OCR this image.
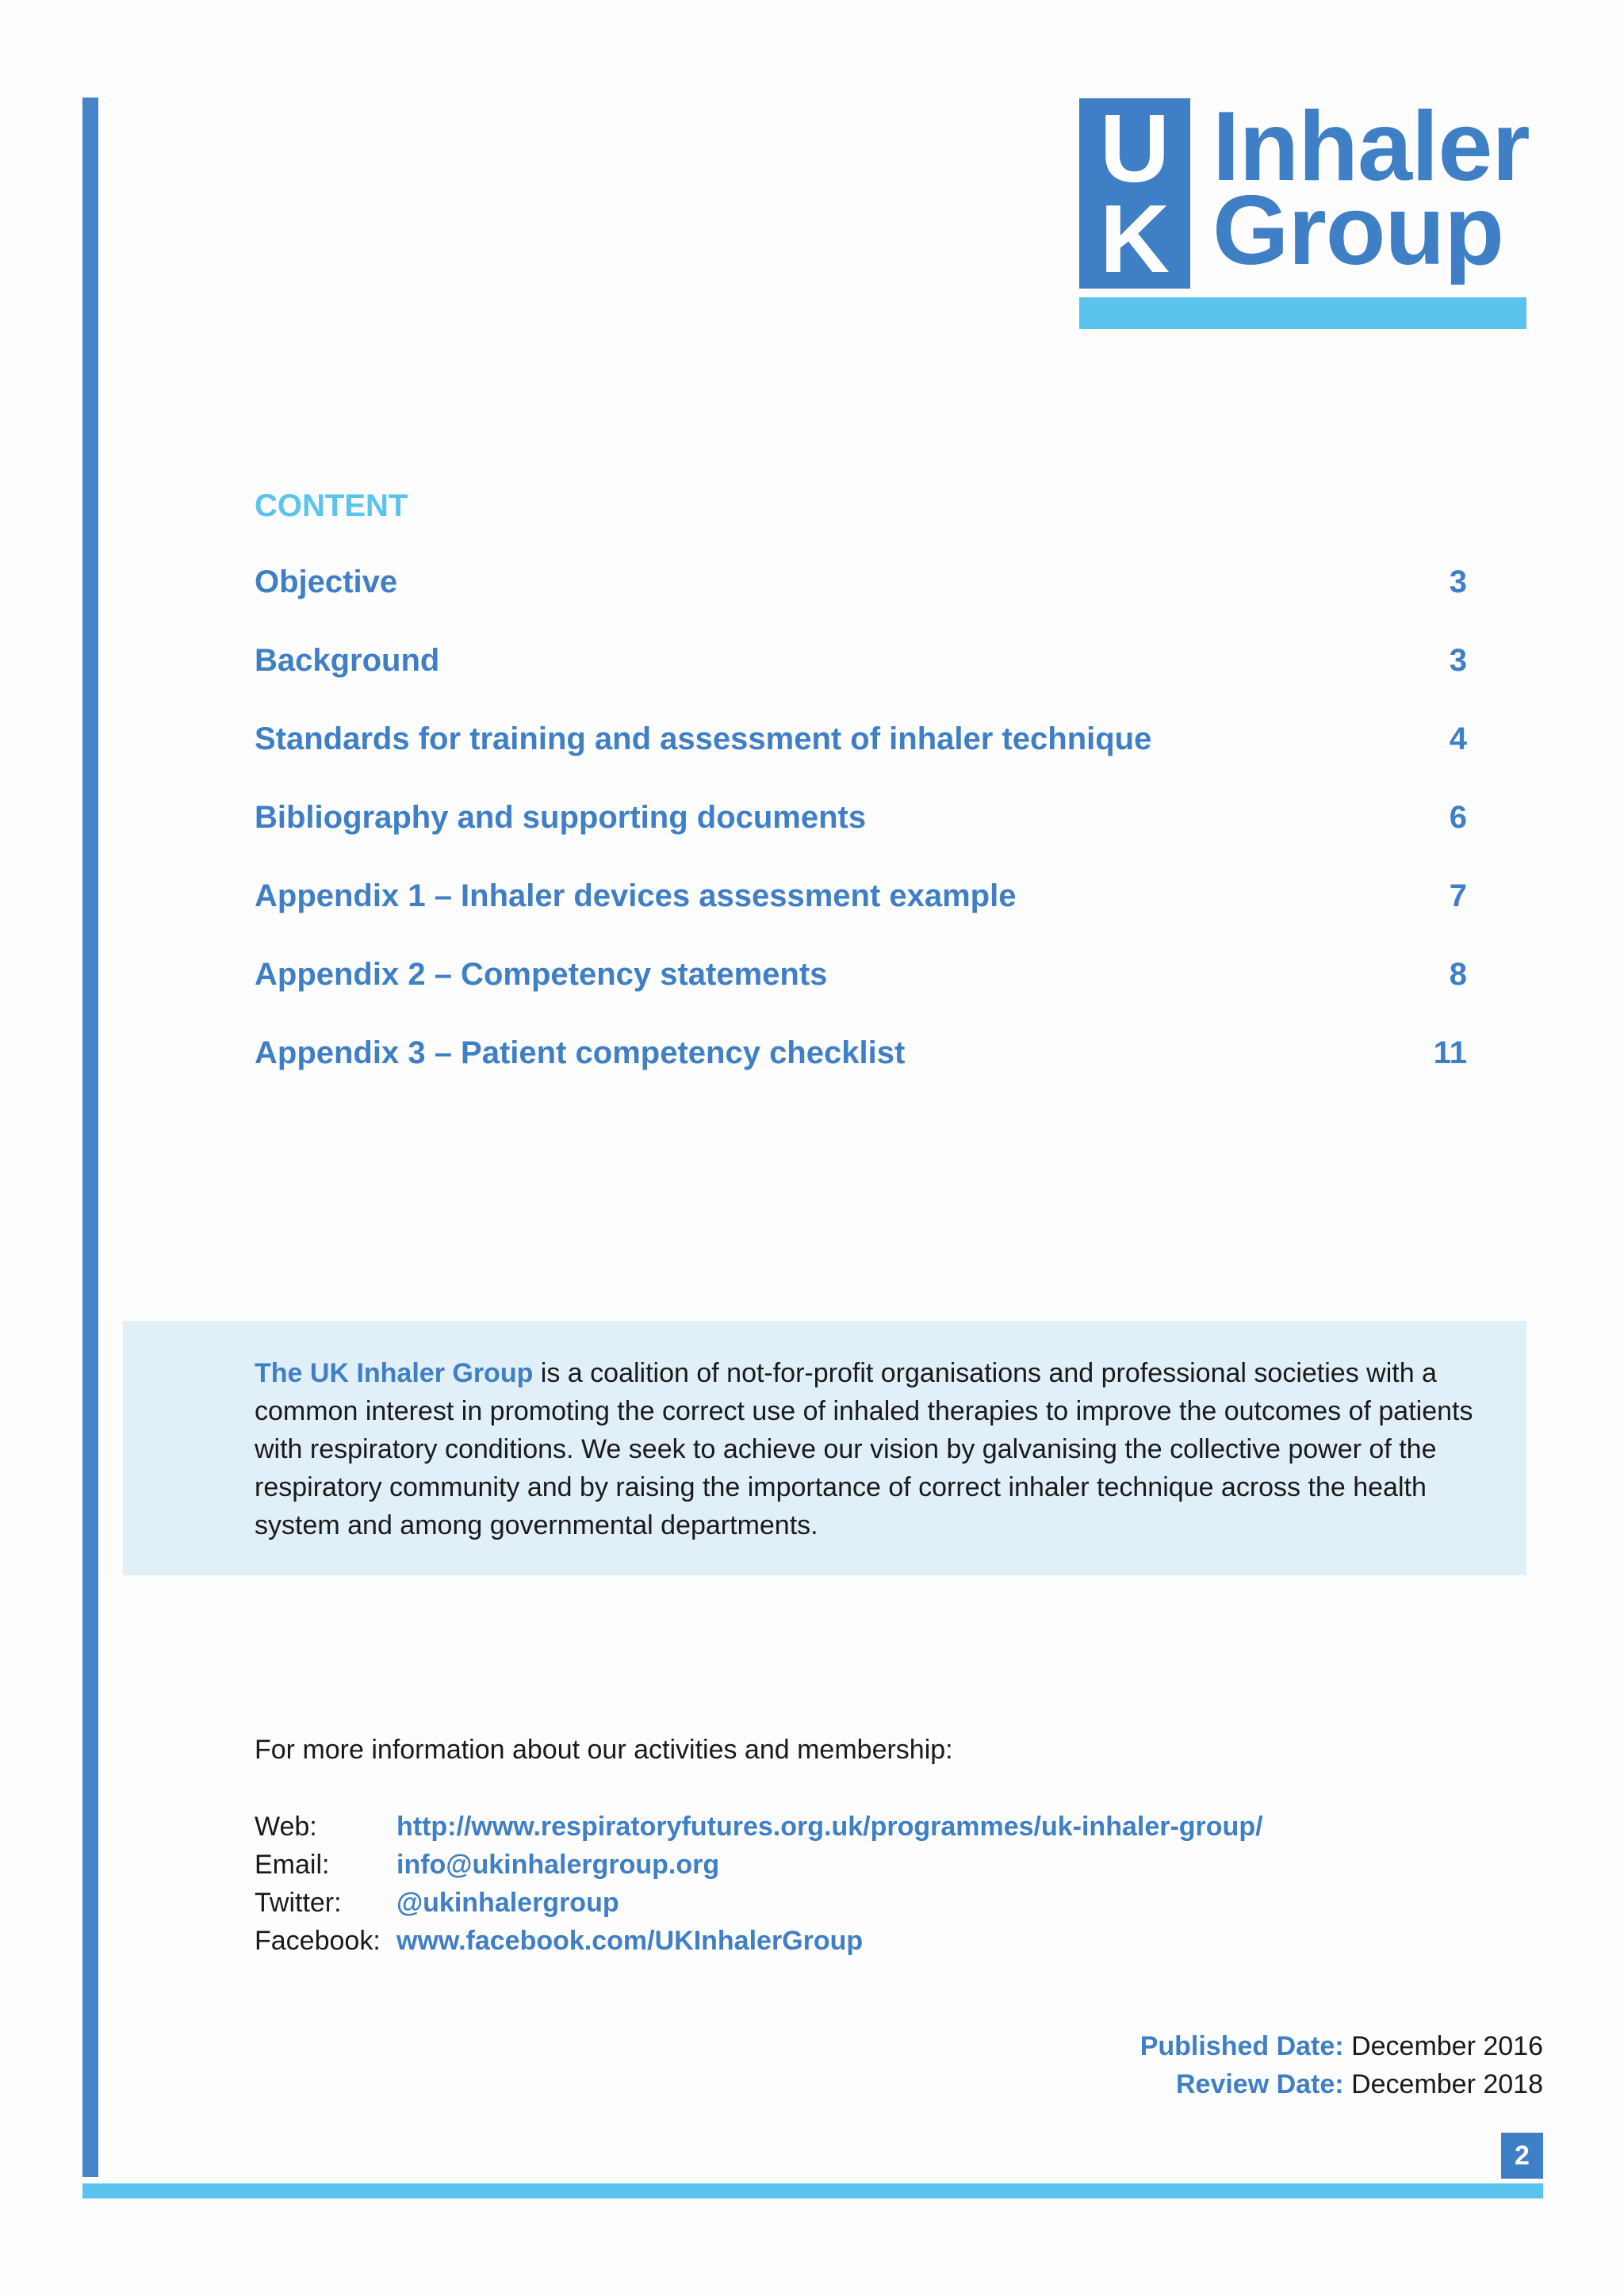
U
K
Inhaler
Group
CONTENT
Objective	3
Background	3
Standards for training and assessment of inhaler technique	4
Bibliography and supporting documents	6
Appendix 1 – Inhaler devices assessment example	7
Appendix 2 – Competency statements	8
Appendix 3 – Patient competency checklist	11
The UK Inhaler Group is a coalition of not-for-profit organisations and professional societies with a common interest in promoting the correct use of inhaled therapies to improve the outcomes of patients with respiratory conditions. We seek to achieve our vision by galvanising the collective power of the respiratory community and by raising the importance of correct inhaler technique across the health system and among governmental departments.
For more information about our activities and membership:
Web:	http://www.respiratoryfutures.org.uk/programmes/uk-inhaler-group/
Email: info@ukinhalergroup.org
Twitter: @ukinhalergroup
Facebook: www.facebook.com/UKInhalerGroup
Published Date: December 2016
Review Date: December 2018
2
